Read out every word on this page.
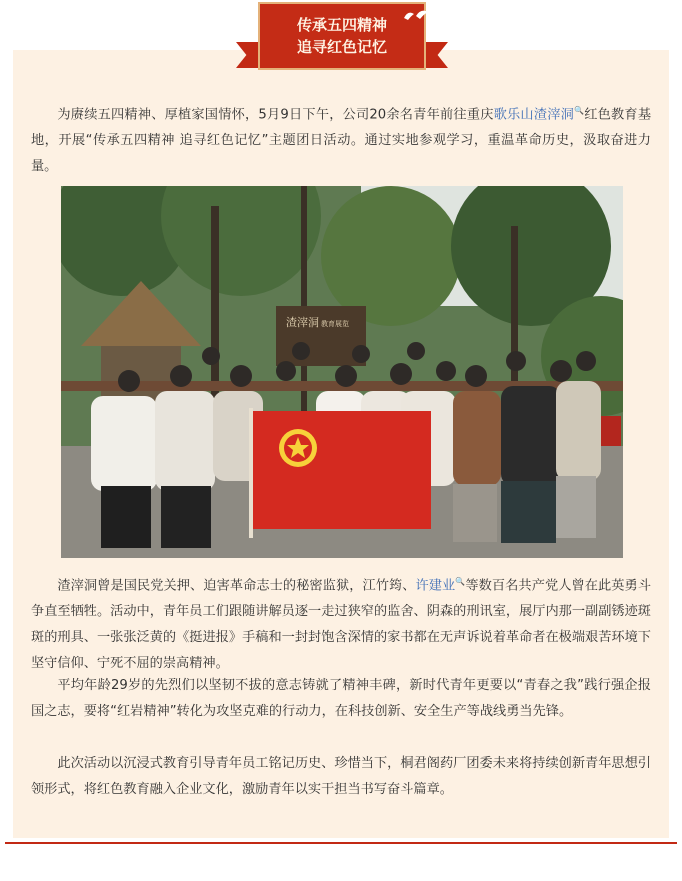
传承五四精神
追寻红色记忆

为赓续五四精神、厚植家国情怀，5月9日下午，公司20余名青年前往重庆歌乐山渣滓洞🔍红色教育基地，开展“传承五四精神 追寻红色记忆”主题团日活动。通过实地参观学习，重温革命历史，汲取奋进力量。

渣滓洞 教育展览

渣滓洞曾是国民党关押、迫害革命志士的秘密监狱，江竹筠、许建业🔍等数百名共产党人曾在此英勇斗争直至牺牲。活动中，青年员工们跟随讲解员逐一走过狭窄的监舍、阴森的刑讯室，展厅内那一副副锈迹斑斑的刑具、一张张泛黄的《挺进报》手稿和一封封饱含深情的家书都在无声诉说着革命者在极端艰苦环境下坚守信仰、宁死不屈的崇高精神。

平均年龄29岁的先烈们以坚韧不拔的意志铸就了精神丰碑，新时代青年更要以“青春之我”践行强企报国之志，要将“红岩精神”转化为攻坚克难的行动力，在科技创新、安全生产等战线勇当先锋。

此次活动以沉浸式教育引导青年员工铭记历史、珍惜当下，桐君阁药厂团委未来将持续创新青年思想引领形式，将红色教育融入企业文化，激励青年以实干担当书写奋斗篇章。
